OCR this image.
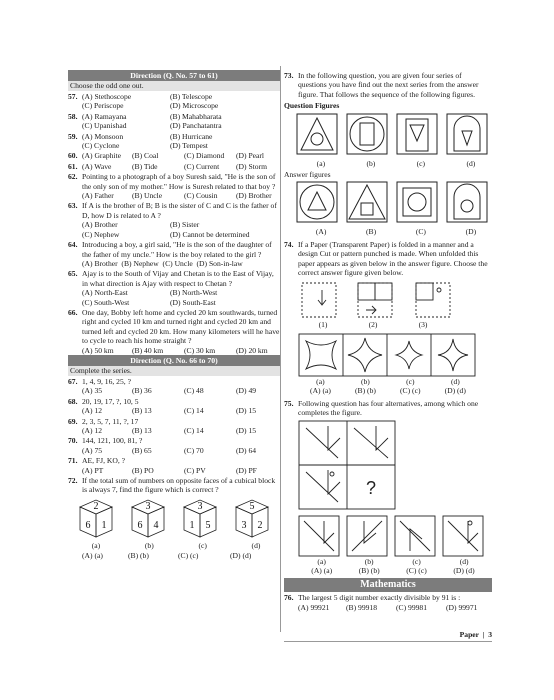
Direction (Q. No. 57 to 61)
Choose the odd one out.
57. (A) Stethoscope	(B) Telescope
(C) Periscope	(D) Microscope
58. (A) Ramayana	(B) Mahabharata
(C) Upanishad	(D) Panchatantra
59. (A) Monsoon	(B) Hurricane
(C) Cyclone	(D) Tempest
60. (A) Graphite	(B) Coal	(C) Diamond	(D) Pearl
61. (A) Wave	(B) Tide	(C) Current	(D) Storm
62. Pointing to a photograph of a boy Suresh said, "He is the son of the only son of my mother." How is Suresh related to that boy ?
(A) Father	(B) Uncle	(C) Cousin	(D) Brother
63. If A is the brother of B; B is the sister of C and C is the father of D, how D is related to A ?
(A) Brother	(B) Sister
(C) Nephew	(D) Cannot be determined
64. Introducing a boy, a girl said, "He is the son of the daughter of the father of my uncle." How is the boy related to the girl ?
(A) Brother  (B) Nephew  (C) Uncle  (D) Son-in-law
65. Ajay is to the South of Vijay and Chetan is to the East of Vijay, in what direction is Ajay with respect to Chetan ?
(A) North-East	(B) North-West
(C) South-West	(D) South-East
66. One day, Bobby left home and cycled 20 km southwards, turned right and cycled 10 km and turned right and cycled 20 km and turned left and cycled 20 km. How many kilometers will he have to cycle to reach his home straight ?
(A) 50 km	(B) 40 km	(C) 30 km	(D) 20 km
Direction (Q. No. 66 to 70)
Complete the series.
67. 1, 4, 9, 16, 25, ?
(A) 35	(B) 36	(C) 48	(D) 49
68. 20, 19, 17, ?, 10, 5
(A) 12	(B) 13	(C) 14	(D) 15
69. 2, 3, 5, 7, 11, ?, 17
(A) 12	(B) 13	(C) 14	(D) 15
70. 144, 121, 100, 81, ?
(A) 75	(B) 65	(C) 70	(D) 64
71. AE, FJ, KO, ?
(A) PT	(B) PO	(C) PV	(D) PF
72. If the total sum of numbers on opposite faces of a cubical block is always 7, find the figure which is correct ?
2
6 1
3
6 4
3
1 5
5
3 2
(a)	(b)	(c)	(d)
(A) (a)	(B) (b)	(C) (c)	(D) (d)
73. In the following question, you are given four series of questions you have find out the next series from the answer figure. That follows the sequence of the following figures.
Question Figures
(a)	(b)	(c)	(d)
Answer figures
(A)	(B)	(C)	(D)
74. If a Paper (Transparent Paper) is folded in a manner and a design Cut or pattern punched is made. When unfolded this paper appears as given below in the answer figure. Choose the correct answer figure given below.
(1)	(2)	(3)
(a)	(b)	(c)	(d)
(A) (a)	(B) (b)	(C) (c)	(D) (d)
75. Following question has four alternatives, among which one completes the figure.
?
(a)	(b)	(c)	(d)
(A) (a)	(B) (b)	(C) (c)	(D) (d)
Mathematics
76. The largest 5 digit number exactly divisible by 91 is :
(A) 99921	(B) 99918	(C) 99981	(D) 99971
Paper  |  3
